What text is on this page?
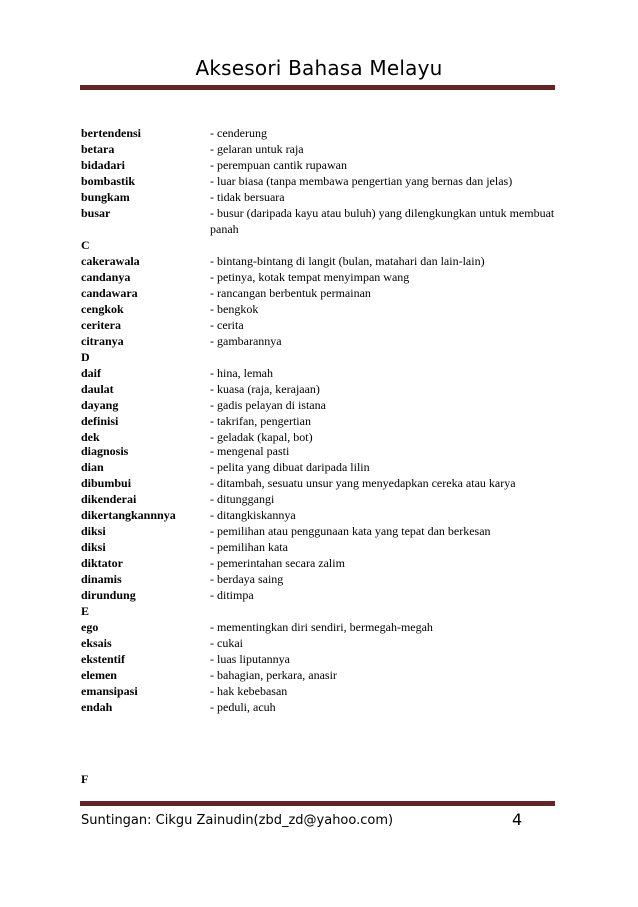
Aksesori Bahasa Melayu
bertendensi	- cenderung
betara	- gelaran untuk raja
bidadari	- perempuan cantik rupawan
bombastik	- luar biasa (tanpa membawa pengertian yang bernas dan jelas)
bungkam	- tidak bersuara
busar	- busur (daripada kayu atau buluh) yang dilengkungkan untuk membuat panah
C
cakerawala	- bintang-bintang di langit (bulan, matahari dan lain-lain)
candanya	- petinya, kotak tempat menyimpan wang
candawara	- rancangan berbentuk permainan
cengkok	- bengkok
ceritera	- cerita
citranya	- gambarannya
D
daif	- hina, lemah
daulat	- kuasa (raja, kerajaan)
dayang	- gadis pelayan di istana
definisi	- takrifan, pengertian
dek	- geladak (kapal, bot)
diagnosis	- mengenal pasti
dian	- pelita yang dibuat daripada lilin
dibumbui	- ditambah, sesuatu unsur yang menyedapkan cereka atau karya
dikenderai	- ditunggangi
dikertangkannnya	- ditangkiskannya
diksi	- pemilihan atau penggunaan kata yang tepat dan berkesan
diksi	- pemilihan kata
diktator	- pemerintahan secara zalim
dinamis	- berdaya saing
dirundung	- ditimpa
E
ego	- mementingkan diri sendiri, bermegah-megah
eksais	- cukai
ekstentif	- luas liputannya
elemen	- bahagian, perkara, anasir
emansipasi	- hak kebebasan
endah	- peduli, acuh
F
Suntingan: Cikgu Zainudin(zbd_zd@yahoo.com)	4
